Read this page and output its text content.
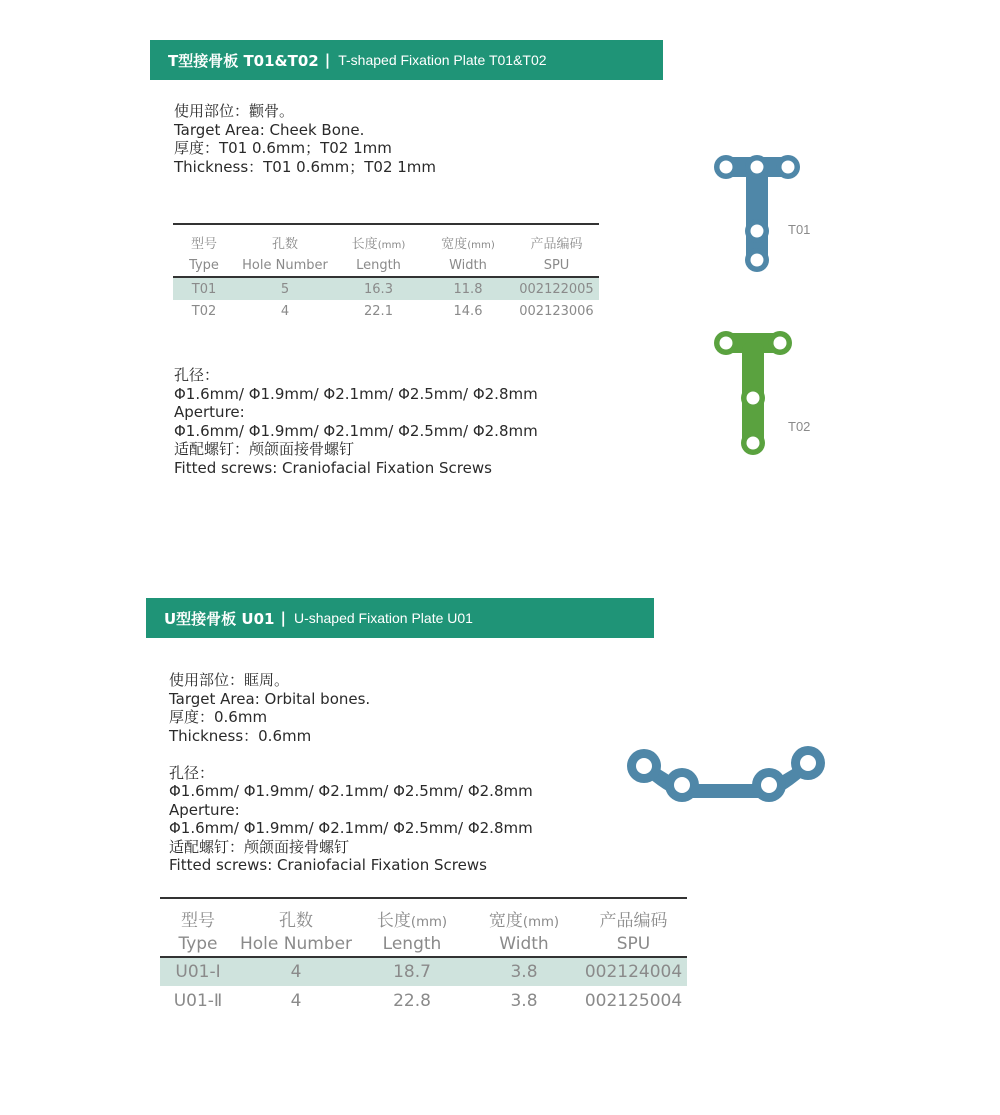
T型接骨板 T01&T02 | T-shaped Fixation Plate T01&T02
使用部位：颧骨。
Target Area: Cheek Bone.
厚度：T01 0.6mm；T02 1mm
Thickness：T01 0.6mm；T02 1mm
型号	孔数	长度(mm)	宽度(mm)	产品编码
Type	Hole Number	Length	Width	SPU
T01	5	16.3	11.8	002122005
T02	4	22.1	14.6	002123006
孔径：
Φ1.6mm/ Φ1.9mm/ Φ2.1mm/ Φ2.5mm/ Φ2.8mm
Aperture:
Φ1.6mm/ Φ1.9mm/ Φ2.1mm/ Φ2.5mm/ Φ2.8mm
适配螺钉：颅颌面接骨螺钉
Fitted screws: Craniofacial Fixation Screws
T01
T02
U型接骨板 U01 | U-shaped Fixation Plate U01
使用部位：眶周。
Target Area: Orbital bones.
厚度：0.6mm
Thickness：0.6mm
孔径：
Φ1.6mm/ Φ1.9mm/ Φ2.1mm/ Φ2.5mm/ Φ2.8mm
Aperture:
Φ1.6mm/ Φ1.9mm/ Φ2.1mm/ Φ2.5mm/ Φ2.8mm
适配螺钉：颅颌面接骨螺钉
Fitted screws: Craniofacial Fixation Screws
型号	孔数	长度(mm)	宽度(mm)	产品编码
Type	Hole Number	Length	Width	SPU
U01-Ⅰ	4	18.7	3.8	002124004
U01-Ⅱ	4	22.8	3.8	002125004
